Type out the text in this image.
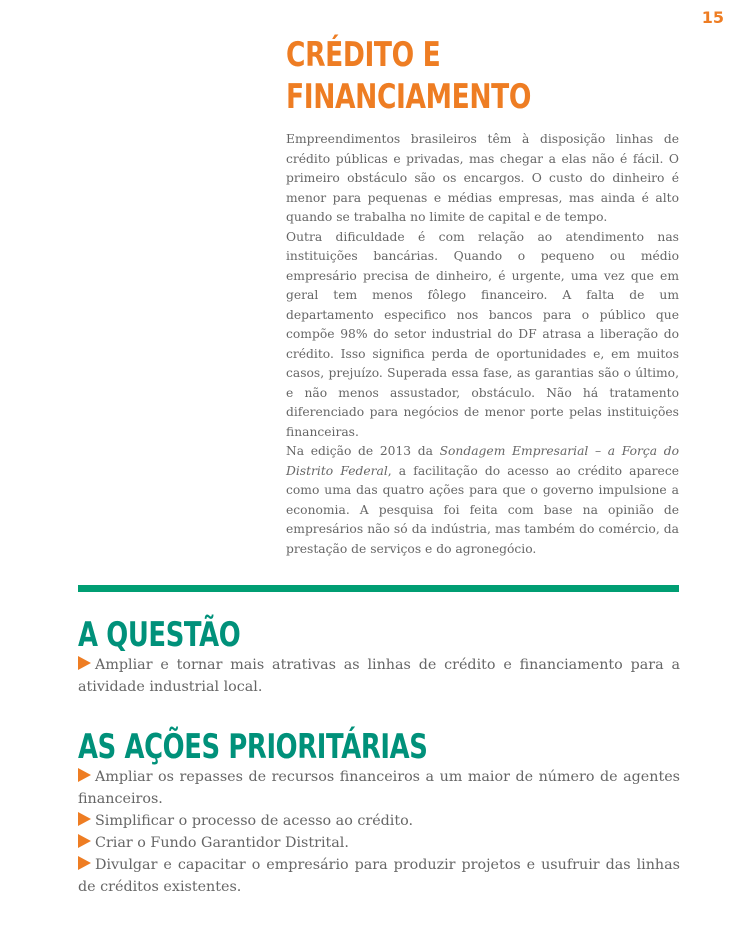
15
CRÉDITO E FINANCIAMENTO

Empreendimentos brasileiros têm à disposição linhas de crédito públicas e privadas, mas chegar a elas não é fácil. O primeiro obstáculo são os encargos. O custo do dinheiro é menor para pequenas e médias empresas, mas ainda é alto quando se trabalha no limite de capital e de tempo.

Outra dificuldade é com relação ao atendimento nas instituições bancárias. Quando o pequeno ou médio empresário precisa de dinheiro, é urgente, uma vez que em geral tem menos fôlego financeiro. A falta de um departamento especifico nos bancos para o público que compõe 98% do setor industrial do DF atrasa a liberação do crédito. Isso significa perda de oportunidades e, em muitos casos, prejuízo. Superada essa fase, as garantias são o último, e não menos assustador, obstáculo. Não há tratamento diferenciado para negócios de menor porte pelas instituições financeiras.

Na edição de 2013 da Sondagem Empresarial – a Força do Distrito Federal, a facilitação do acesso ao crédito aparece como uma das quatro ações para que o governo impulsione a economia. A pesquisa foi feita com base na opinião de empresários não só da indústria, mas também do comércio, da prestação de serviços e do agronegócio.

A QUESTÃO
Ampliar e tornar mais atrativas as linhas de crédito e financiamento para a atividade industrial local.
AS AÇÕES PRIORITÁRIAS
Ampliar os repasses de recursos financeiros a um maior de número de agentes financeiros.
Simplificar o processo de acesso ao crédito.
Criar o Fundo Garantidor Distrital.
Divulgar e capacitar o empresário para produzir projetos e usufruir das linhas de créditos existentes.
